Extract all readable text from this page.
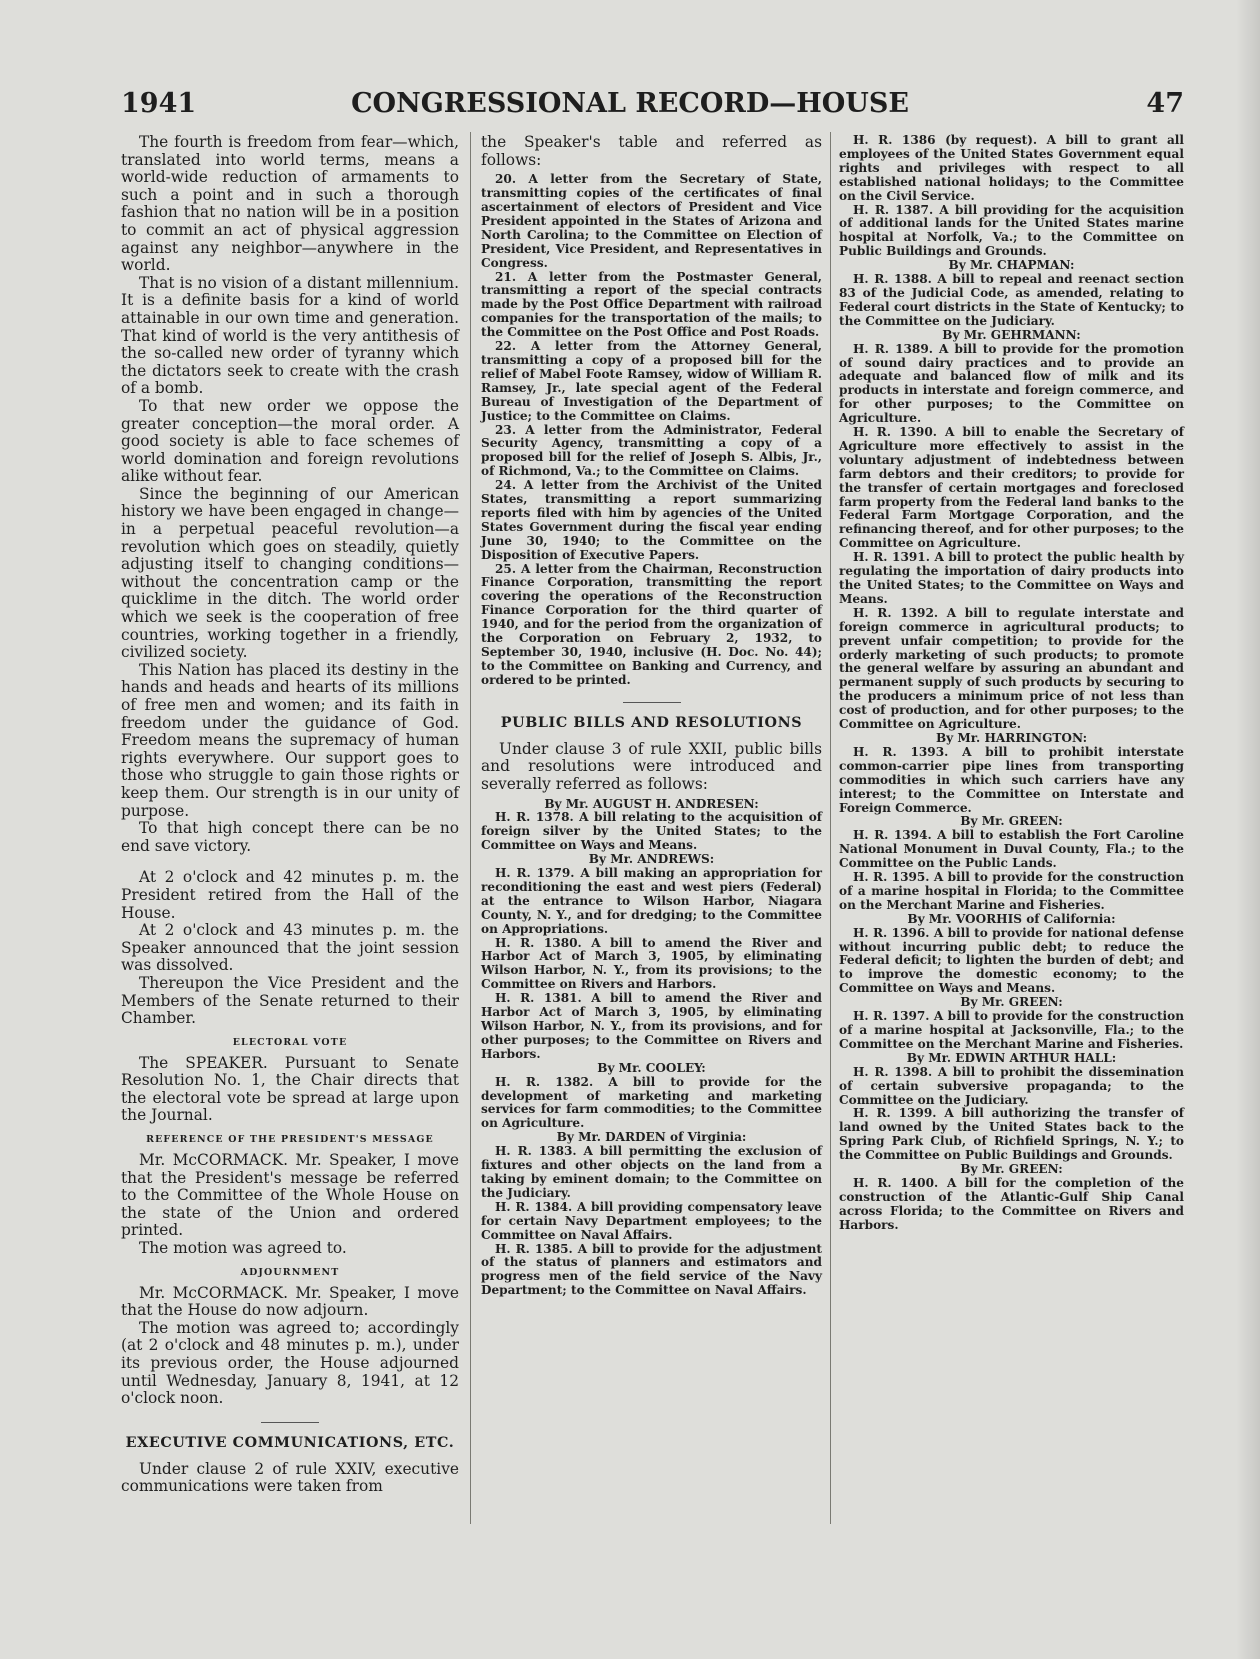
1941	CONGRESSIONAL RECORD—HOUSE	47

The fourth is freedom from fear—which, translated into world terms, means a world-wide reduction of armaments to such a point and in such a thorough fashion that no nation will be in a position to commit an act of physical aggression against any neighbor—anywhere in the world.

That is no vision of a distant millennium. It is a definite basis for a kind of world attainable in our own time and generation. That kind of world is the very antithesis of the so-called new order of tyranny which the dictators seek to create with the crash of a bomb.

To that new order we oppose the greater conception—the moral order. A good society is able to face schemes of world domination and foreign revolutions alike without fear.

Since the beginning of our American history we have been engaged in change—in a perpetual peaceful revolution—a revolution which goes on steadily, quietly adjusting itself to changing conditions—without the concentration camp or the quicklime in the ditch. The world order which we seek is the cooperation of free countries, working together in a friendly, civilized society.

This Nation has placed its destiny in the hands and heads and hearts of its millions of free men and women; and its faith in freedom under the guidance of God. Freedom means the supremacy of human rights everywhere. Our support goes to those who struggle to gain those rights or keep them. Our strength is in our unity of purpose.

To that high concept there can be no end save victory.

At 2 o'clock and 42 minutes p. m. the President retired from the Hall of the House.

At 2 o'clock and 43 minutes p. m. the Speaker announced that the joint session was dissolved.

Thereupon the Vice President and the Members of the Senate returned to their Chamber.

ELECTORAL VOTE

The SPEAKER. Pursuant to Senate Resolution No. 1, the Chair directs that the electoral vote be spread at large upon the Journal.

REFERENCE OF THE PRESIDENT'S MESSAGE

Mr. McCORMACK. Mr. Speaker, I move that the President's message be referred to the Committee of the Whole House on the state of the Union and ordered printed.

The motion was agreed to.

ADJOURNMENT

Mr. McCORMACK. Mr. Speaker, I move that the House do now adjourn.

The motion was agreed to; accordingly (at 2 o'clock and 48 minutes p. m.), under its previous order, the House adjourned until Wednesday, January 8, 1941, at 12 o'clock noon.

EXECUTIVE COMMUNICATIONS, ETC.

Under clause 2 of rule XXIV, executive communications were taken from

the Speaker's table and referred as follows:

20. A letter from the Secretary of State, transmitting copies of the certificates of final ascertainment of electors of President and Vice President appointed in the States of Arizona and North Carolina; to the Committee on Election of President, Vice President, and Representatives in Congress.

21. A letter from the Postmaster General, transmitting a report of the special contracts made by the Post Office Department with railroad companies for the transportation of the mails; to the Committee on the Post Office and Post Roads.

22. A letter from the Attorney General, transmitting a copy of a proposed bill for the relief of Mabel Foote Ramsey, widow of William R. Ramsey, Jr., late special agent of the Federal Bureau of Investigation of the Department of Justice; to the Committee on Claims.

23. A letter from the Administrator, Federal Security Agency, transmitting a copy of a proposed bill for the relief of Joseph S. Albis, Jr., of Richmond, Va.; to the Committee on Claims.

24. A letter from the Archivist of the United States, transmitting a report summarizing reports filed with him by agencies of the United States Government during the fiscal year ending June 30, 1940; to the Committee on the Disposition of Executive Papers.

25. A letter from the Chairman, Reconstruction Finance Corporation, transmitting the report covering the operations of the Reconstruction Finance Corporation for the third quarter of 1940, and for the period from the organization of the Corporation on February 2, 1932, to September 30, 1940, inclusive (H. Doc. No. 44); to the Committee on Banking and Currency, and ordered to be printed.

PUBLIC BILLS AND RESOLUTIONS

Under clause 3 of rule XXII, public bills and resolutions were introduced and severally referred as follows:

By Mr. AUGUST H. ANDRESEN:

H. R. 1378. A bill relating to the acquisition of foreign silver by the United States; to the Committee on Ways and Means.

By Mr. ANDREWS:

H. R. 1379. A bill making an appropriation for reconditioning the east and west piers (Federal) at the entrance to Wilson Harbor, Niagara County, N. Y., and for dredging; to the Committee on Appropriations.

H. R. 1380. A bill to amend the River and Harbor Act of March 3, 1905, by eliminating Wilson Harbor, N. Y., from its provisions; to the Committee on Rivers and Harbors.

H. R. 1381. A bill to amend the River and Harbor Act of March 3, 1905, by eliminating Wilson Harbor, N. Y., from its provisions, and for other purposes; to the Committee on Rivers and Harbors.

By Mr. COOLEY:

H. R. 1382. A bill to provide for the development of marketing and marketing services for farm commodities; to the Committee on Agriculture.

By Mr. DARDEN of Virginia:

H. R. 1383. A bill permitting the exclusion of fixtures and other objects on the land from a taking by eminent domain; to the Committee on the Judiciary.

H. R. 1384. A bill providing compensatory leave for certain Navy Department employees; to the Committee on Naval Affairs.

H. R. 1385. A bill to provide for the adjustment of the status of planners and estimators and progress men of the field service of the Navy Department; to the Committee on Naval Affairs.

H. R. 1386 (by request). A bill to grant all employees of the United States Government equal rights and privileges with respect to all established national holidays; to the Committee on the Civil Service.

H. R. 1387. A bill providing for the acquisition of additional lands for the United States marine hospital at Norfolk, Va.; to the Committee on Public Buildings and Grounds.

By Mr. CHAPMAN:

H. R. 1388. A bill to repeal and reenact section 83 of the Judicial Code, as amended, relating to Federal court districts in the State of Kentucky; to the Committee on the Judiciary.

By Mr. GEHRMANN:

H. R. 1389. A bill to provide for the promotion of sound dairy practices and to provide an adequate and balanced flow of milk and its products in interstate and foreign commerce, and for other purposes; to the Committee on Agriculture.

H. R. 1390. A bill to enable the Secretary of Agriculture more effectively to assist in the voluntary adjustment of indebtedness between farm debtors and their creditors; to provide for the transfer of certain mortgages and foreclosed farm property from the Federal land banks to the Federal Farm Mortgage Corporation, and the refinancing thereof, and for other purposes; to the Committee on Agriculture.

H. R. 1391. A bill to protect the public health by regulating the importation of dairy products into the United States; to the Committee on Ways and Means.

H. R. 1392. A bill to regulate interstate and foreign commerce in agricultural products; to prevent unfair competition; to provide for the orderly marketing of such products; to promote the general welfare by assuring an abundant and permanent supply of such products by securing to the producers a minimum price of not less than cost of production, and for other purposes; to the Committee on Agriculture.

By Mr. HARRINGTON:

H. R. 1393. A bill to prohibit interstate common-carrier pipe lines from transporting commodities in which such carriers have any interest; to the Committee on Interstate and Foreign Commerce.

By Mr. GREEN:

H. R. 1394. A bill to establish the Fort Caroline National Monument in Duval County, Fla.; to the Committee on the Public Lands.

H. R. 1395. A bill to provide for the construction of a marine hospital in Florida; to the Committee on the Merchant Marine and Fisheries.

By Mr. VOORHIS of California:

H. R. 1396. A bill to provide for national defense without incurring public debt; to reduce the Federal deficit; to lighten the burden of debt; and to improve the domestic economy; to the Committee on Ways and Means.

By Mr. GREEN:

H. R. 1397. A bill to provide for the construction of a marine hospital at Jacksonville, Fla.; to the Committee on the Merchant Marine and Fisheries.

By Mr. EDWIN ARTHUR HALL:

H. R. 1398. A bill to prohibit the dissemination of certain subversive propaganda; to the Committee on the Judiciary.

H. R. 1399. A bill authorizing the transfer of land owned by the United States back to the Spring Park Club, of Richfield Springs, N. Y.; to the Committee on Public Buildings and Grounds.

By Mr. GREEN:

H. R. 1400. A bill for the completion of the construction of the Atlantic-Gulf Ship Canal across Florida; to the Committee on Rivers and Harbors.
